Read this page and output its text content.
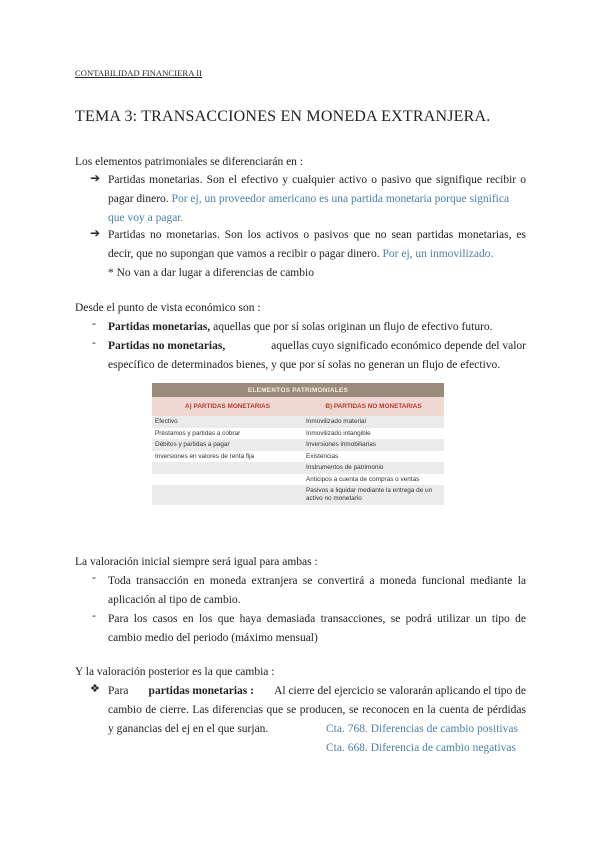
CONTABILIDAD FINANCIERA II
TEMA 3: TRANSACCIONES EN MONEDA EXTRANJERA.
Los elementos patrimoniales se diferenciarán en :
➔ Partidas monetarias. Son el efectivo y cualquier activo o pasivo que signifique recibir o
pagar dinero. Por ej, un proveedor americano es una partida monetaria porque significa
que voy a pagar.
➔ Partidas no monetarias. Son los activos o pasivos que no sean partidas monetarias, es
decir, que no supongan que vamos a recibir o pagar dinero. Por ej, un inmovilizado.
* No van a dar lugar a diferencias de cambio
Desde el punto de vista económico son :
- Partidas monetarias, aquellas que por sí solas originan un flujo de efectivo futuro.
- Partidas no monetarias,	aquellas cuyo significado económico depende del valor
específico de determinados bienes, y que por sí solas no generan un flujo de efectivo.
ELEMENTOS PATRIMONIALES	
A) PARTIDAS MONETARIAS	B) PARTIDAS NO MONETARIAS
Efectivo	Inmovilizado material
Préstamos y partidas a cobrar	Inmovilizado intangible
Débitos y partidas a pagar	Inversiones inmobiliarias
Inversiones en valores de renta fija	Existencias
	Instrumentos de patrimonio
	Anticipos a cuenta de compras o ventas
	Pasivos a liquidar mediante la entrega de un activo no monetario
La valoración inicial siempre será igual para ambas :
- Toda transacción en moneda extranjera se convertirá a moneda funcional mediante la
aplicación al tipo de cambio.
- Para los casos en los que haya demasiada transacciones, se podrá utilizar un tipo de
cambio medio del periodo (máximo mensual)
Y la valoración posterior es la que cambia :
❖ Para partidas monetarias : Al cierre del ejercicio se valorarán aplicando el tipo de
cambio de cierre. Las diferencias que se producen, se reconocen en la cuenta de pérdidas
y ganancias del ej en el que surjan.	Cta. 768. Diferencias de cambio positivas
Cta. 668. Diferencia de cambio negativas
